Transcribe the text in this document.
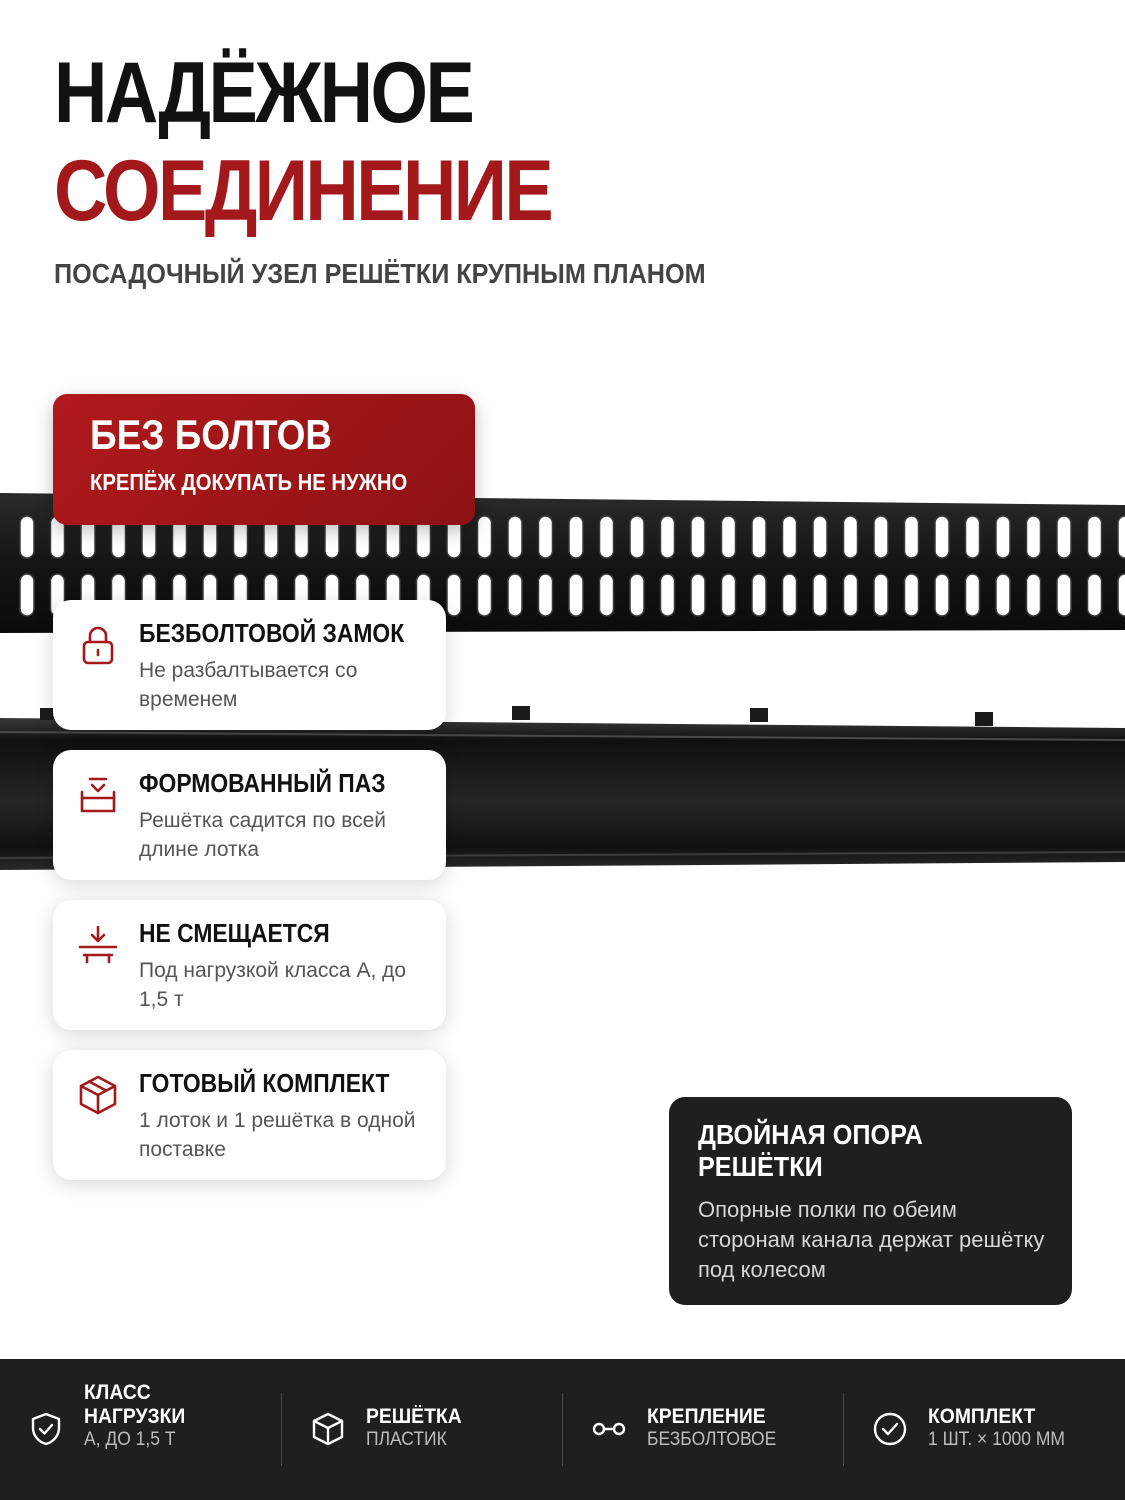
НАДЁЖНОЕ
СОЕДИНЕНИЕ
ПОСАДОЧНЫЙ УЗЕЛ РЕШЁТКИ КРУПНЫМ ПЛАНОМ
БЕЗ БОЛТОВ
КРЕПЁЖ ДОКУПАТЬ НЕ НУЖНО
БЕЗБОЛТОВОЙ ЗАМОК
Не разбалтывается со временем
ФОРМОВАННЫЙ ПАЗ
Решётка садится по всей длине лотка
НЕ СМЕЩАЕТСЯ
Под нагрузкой класса А, до 1,5 т
ГОТОВЫЙ КОМПЛЕКТ
1 лоток и 1 решётка в одной поставке	ДВОЙНАЯ ОПОРА РЕШЁТКИ
Опорные полки по обеим сторонам канала держат решётку под колесом
КЛАСС
НАГРУЗКИ
А, ДО 1,5 Т
РЕШЁТКА
ПЛАСТИК
КРЕПЛЕНИЕ
БЕЗБОЛТОВОЕ
КОМПЛЕКТ
1 ШТ. × 1000 ММ
